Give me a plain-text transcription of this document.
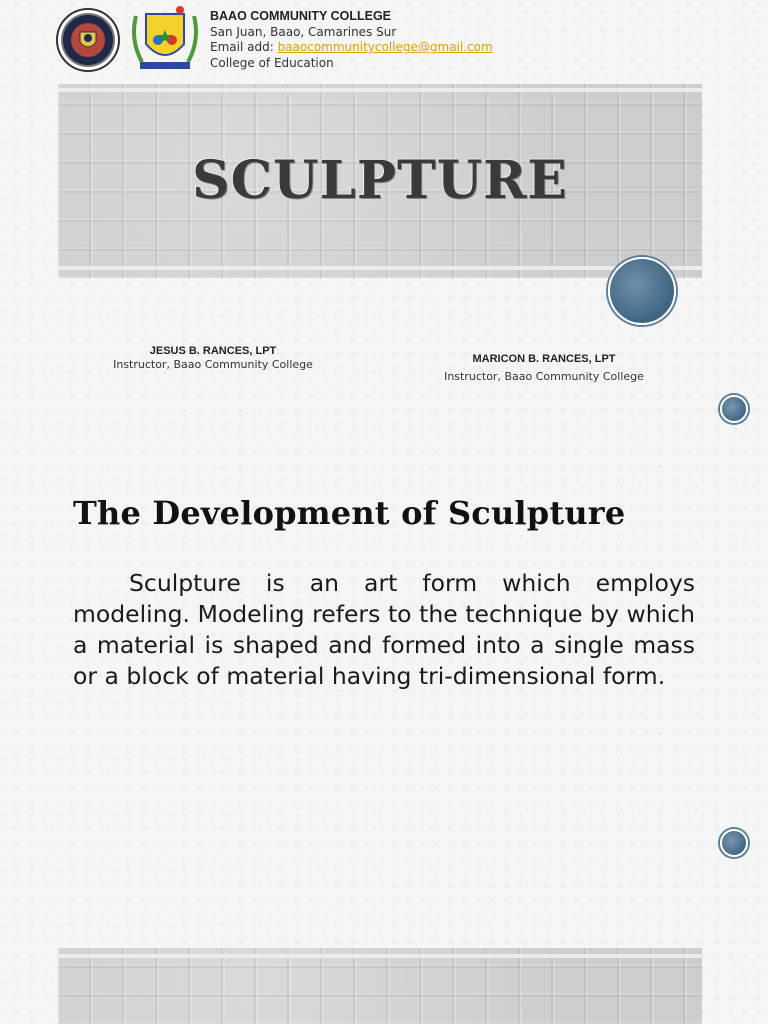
BAAO COMMUNITY COLLEGE
San Juan, Baao, Camarines Sur
Email add: baaocommunitycollege@gmail.com
College of Education
SCULPTURE
JESUS B. RANCES, LPT
Instructor, Baao Community College	MARICON B. RANCES, LPT
Instructor, Baao Community College
The Development of Sculpture
Sculpture is an art form which employs modeling. Modeling refers to the technique by which a material is shaped and formed into a single mass or a block of material having tri-dimensional form.
